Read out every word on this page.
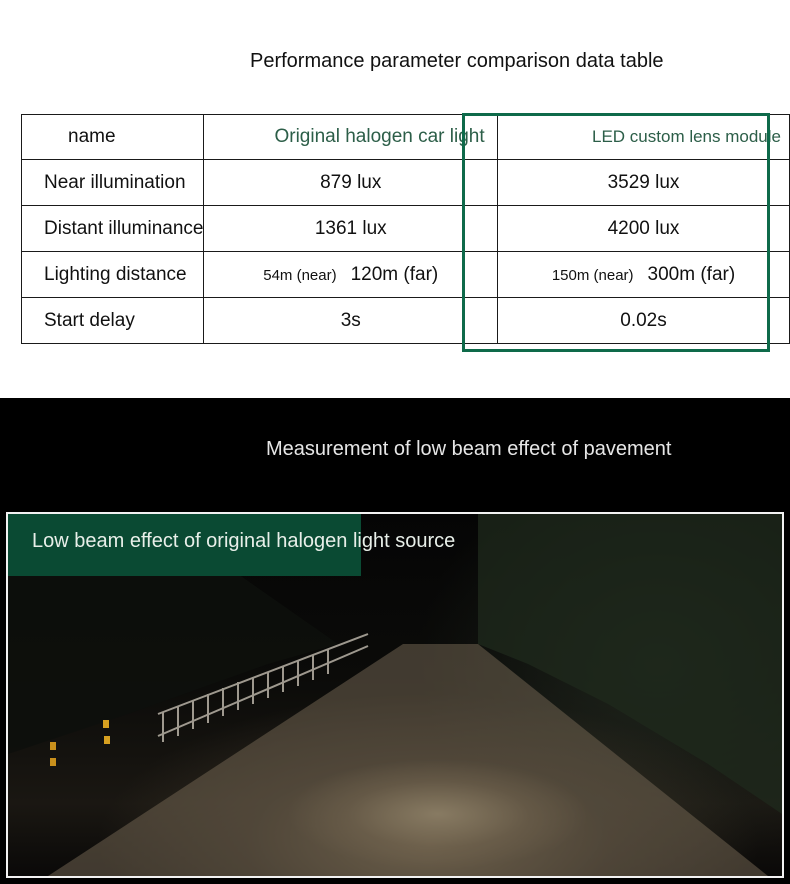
Performance parameter comparison data table
name	Original halogen car light	LED custom lens module
Near illumination	879 lux	3529 lux
Distant illuminance	1361 lux	4200 lux
Lighting distance	54m (near) 120m (far)	150m (near) 300m (far)
Start delay	3s	0.02s
Measurement of low beam effect of pavement
Low beam effect of original halogen light source
